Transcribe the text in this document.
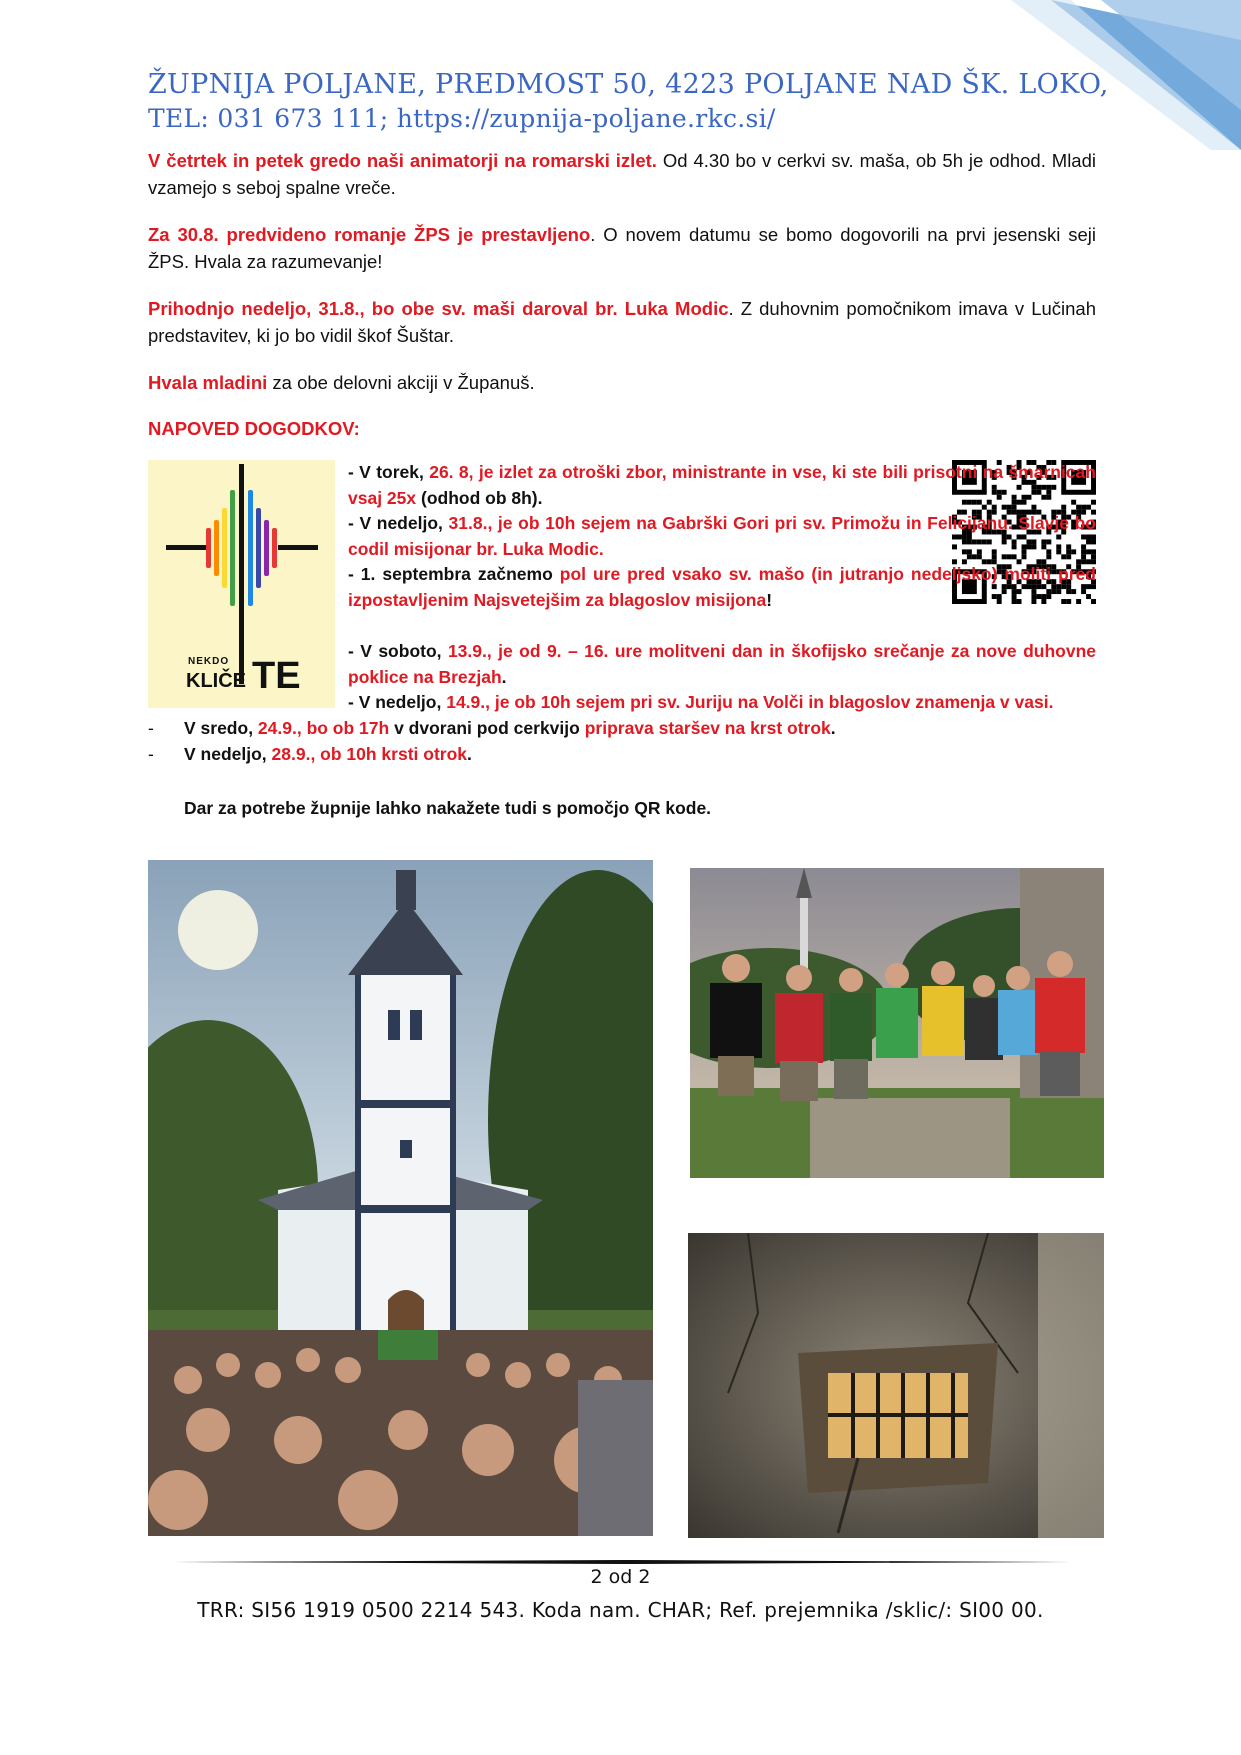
ŽUPNIJA POLJANE, PREDMOST 50, 4223 POLJANE NAD ŠK. LOKO,
TEL: 031 673 111; https://zupnija-poljane.rkc.si/
V četrtek in petek gredo naši animatorji na romarski izlet. Od 4.30 bo v cerkvi sv. maša, ob 5h je odhod. Mladi vzamejo s seboj spalne vreče.
Za 30.8. predvideno romanje ŽPS je prestavljeno. O novem datumu se bomo dogovorili na prvi jesenski seji ŽPS. Hvala za razumevanje!
Prihodnjo nedeljo, 31.8., bo obe sv. maši daroval br. Luka Modic. Z duhovnim pomočnikom imava v Lučinah predstavitev, ki jo bo vidil škof Šuštar.
Hvala mladini za obe delovni akciji v Županuš.
NAPOVED DOGODKOV:
NEKDO
KLIČE TE
- V torek, 26. 8, je izlet za otroški zbor, ministrante in vse, ki ste bili prisotni na šmarnicah vsaj 25x (odhod ob 8h).
- V nedeljo, 31.8., je ob 10h sejem na Gabrški Gori pri sv. Primožu in Felicijanu. Slavje bo codil misijonar br. Luka Modic.
- 1. septembra začnemo pol ure pred vsako sv. mašo (in jutranjo nedeljsko) moliti pred izpostavljenim Najsvetejšim za blagoslov misijona!
- V soboto, 13.9., je od 9. – 16. ure molitveni dan in škofijsko srečanje za nove duhovne poklice na Brezjah.
- V nedeljo, 14.9., je ob 10h sejem pri sv. Juriju na Volči in blagoslov znamenja v vasi.
- V sredo, 24.9., bo ob 17h v dvorani pod cerkvijo priprava staršev na krst otrok.
- V nedeljo, 28.9., ob 10h krsti otrok.
Dar za potrebe župnije lahko nakažete tudi s pomočjo QR kode.
2 od 2
TRR: SI56 1919 0500 2214 543. Koda nam. CHAR; Ref. prejemnika /sklic/: SI00 00.
